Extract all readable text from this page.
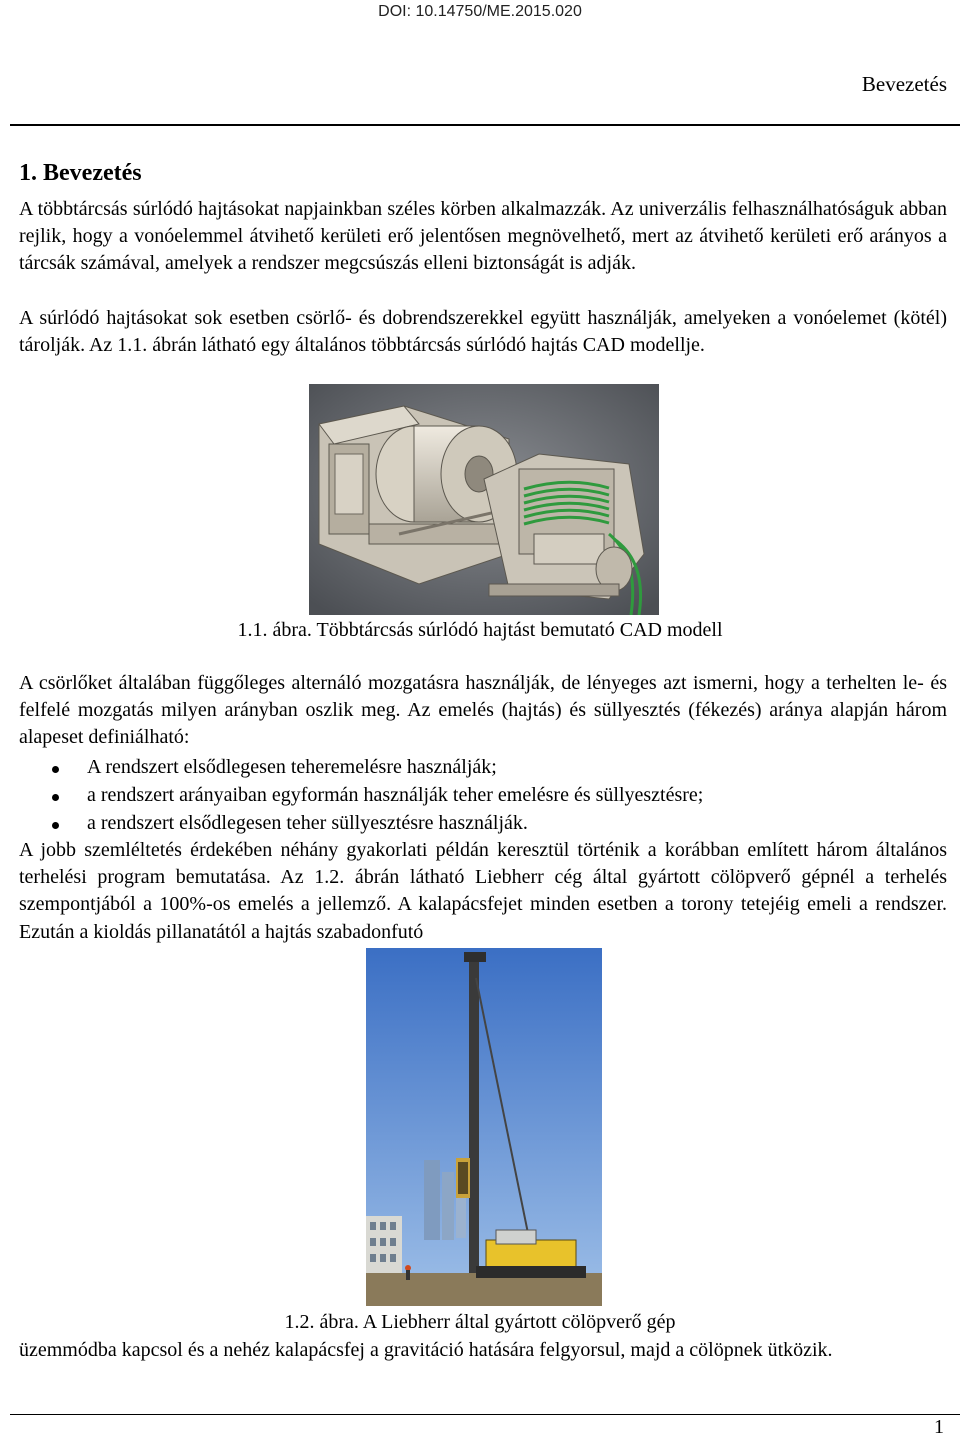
DOI: 10.14750/ME.2015.020
Bevezetés
1. Bevezetés
A többtárcsás súrlódó hajtásokat napjainkban széles körben alkalmazzák. Az univerzális felhasználhatóságuk abban rejlik, hogy a vonóelemmel átvihető kerületi erő jelentősen megnövelhető, mert az átvihető kerületi erő arányos a tárcsák számával, amelyek a rendszer megcsúszás elleni biztonságát is adják.
A súrlódó hajtásokat sok esetben csörlő- és dobrendszerekkel együtt használják, amelyeken a vonóelemet (kötél) tárolják. Az 1.1. ábrán látható egy általános többtárcsás súrlódó hajtás CAD modellje.
1.1. ábra. Többtárcsás súrlódó hajtást bemutató CAD modell
A csörlőket általában függőleges alternáló mozgatásra használják, de lényeges azt ismerni, hogy a terhelten le- és felfelé mozgatás milyen arányban oszlik meg. Az emelés (hajtás) és süllyesztés (fékezés) aránya alapján három alapeset definiálható:
A rendszert elsődlegesen teheremelésre használják;
a rendszert arányaiban egyformán használják teher emelésre és süllyesztésre;
a rendszert elsődlegesen teher süllyesztésre használják.
A jobb szemléltetés érdekében néhány gyakorlati példán keresztül történik a korábban említett három általános terhelési program bemutatása. Az 1.2. ábrán látható Liebherr cég által gyártott cölöpverő gépnél a terhelés szempontjából a 100%-os emelés a jellemző. A kalapácsfejet minden esetben a torony tetejéig emeli a rendszer. Ezután a kioldás pillanatától a hajtás szabadonfutó
1.2. ábra. A Liebherr által gyártott cölöpverő gép
üzemmódba kapcsol és a nehéz kalapácsfej a gravitáció hatására felgyorsul, majd a cölöpnek ütközik.
1
